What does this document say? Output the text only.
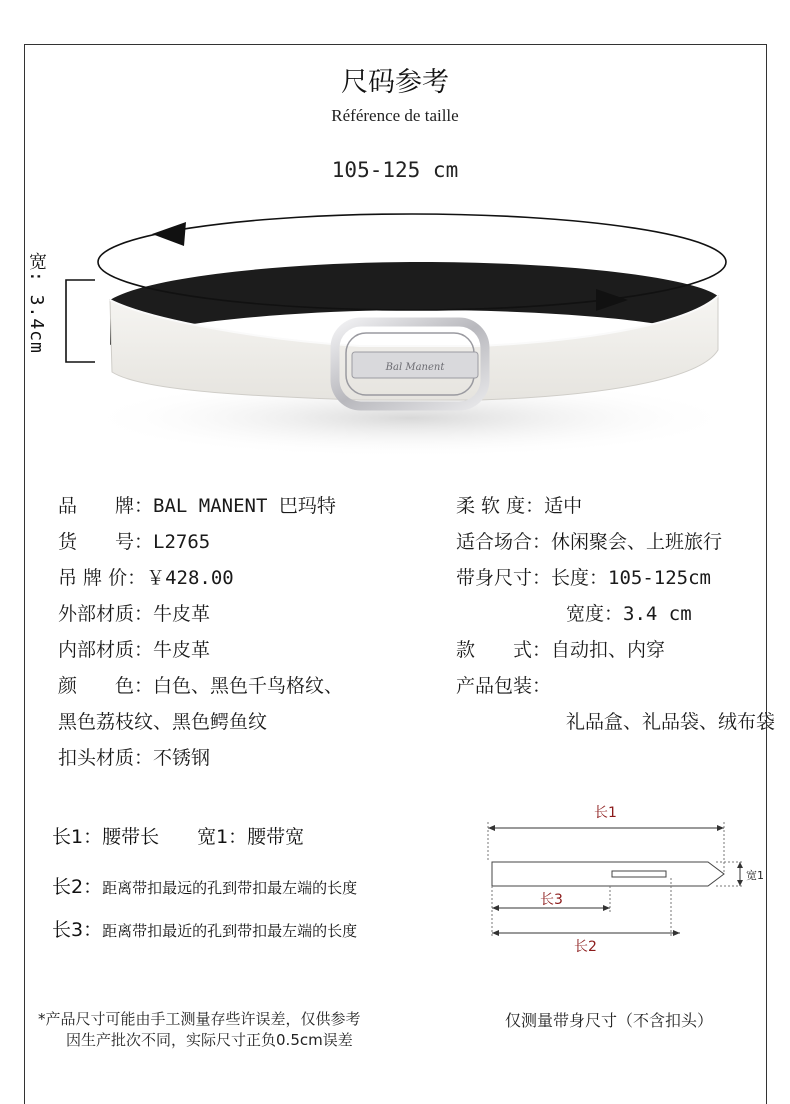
尺码参考
Référence de taille
105-125 cm
Bal Manent
宽: 3.4cm
品　　牌：BAL MANENT 巴玛特
货　　号：L2765
吊 牌 价：￥428.00
外部材质：牛皮革
内部材质：牛皮革
颜　　色：白色、黑色千鸟格纹、
黑色荔枝纹、黑色鳄鱼纹
扣头材质：不锈钢
柔 软 度：适中
适合场合：休闲聚会、上班旅行
带身尺寸：长度：105-125cm
宽度：3.4 cm
款　　式：自动扣、内穿
产品包装：
礼品盒、礼品袋、绒布袋
长1：腰带长　　宽1：腰带宽
长2：距离带扣最远的孔到带扣最左端的长度
长3：距离带扣最近的孔到带扣最左端的长度
长1
长3
长2
宽1
*产品尺寸可能由手工测量存些许误差，仅供参考
因生产批次不同，实际尺寸正负0.5cm误差
仅测量带身尺寸（不含扣头）
